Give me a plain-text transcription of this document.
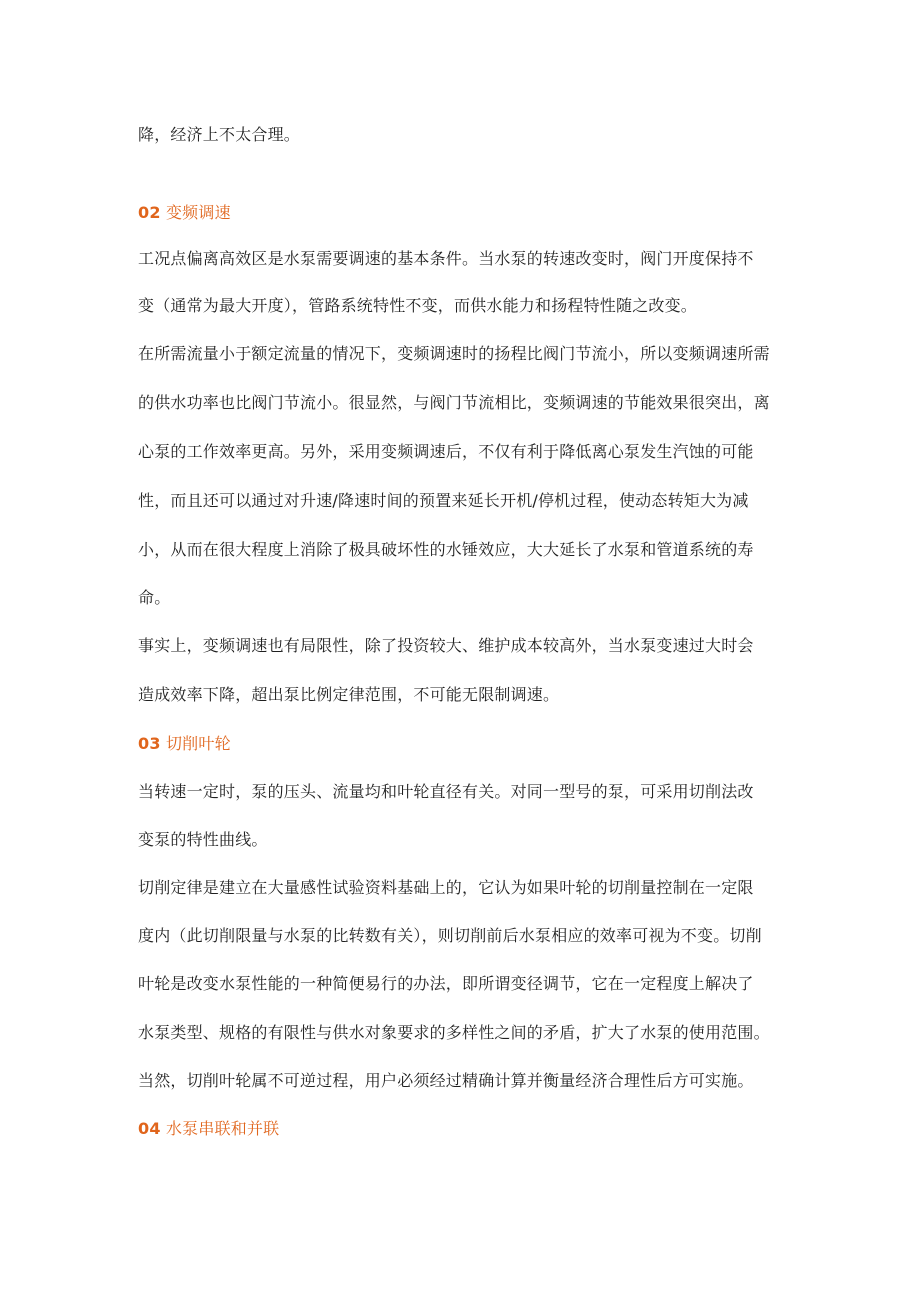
降，经济上不太合理。
02 变频调速
工况点偏离高效区是水泵需要调速的基本条件。当水泵的转速改变时，阀门开度保持不
变（通常为最大开度），管路系统特性不变，而供水能力和扬程特性随之改变。
在所需流量小于额定流量的情况下，变频调速时的扬程比阀门节流小，所以变频调速所需
的供水功率也比阀门节流小。很显然，与阀门节流相比，变频调速的节能效果很突出，离
心泵的工作效率更高。另外，采用变频调速后，不仅有利于降低离心泵发生汽蚀的可能
性，而且还可以通过对升速/降速时间的预置来延长开机/停机过程，使动态转矩大为减
小，从而在很大程度上消除了极具破坏性的水锤效应，大大延长了水泵和管道系统的寿
命。
事实上，变频调速也有局限性，除了投资较大、维护成本较高外，当水泵变速过大时会
造成效率下降，超出泵比例定律范围，不可能无限制调速。
03 切削叶轮
当转速一定时，泵的压头、流量均和叶轮直径有关。对同一型号的泵，可采用切削法改
变泵的特性曲线。
切削定律是建立在大量感性试验资料基础上的，它认为如果叶轮的切削量控制在一定限
度内（此切削限量与水泵的比转数有关），则切削前后水泵相应的效率可视为不变。切削
叶轮是改变水泵性能的一种简便易行的办法，即所谓变径调节，它在一定程度上解决了
水泵类型、规格的有限性与供水对象要求的多样性之间的矛盾，扩大了水泵的使用范围。
当然，切削叶轮属不可逆过程，用户必须经过精确计算并衡量经济合理性后方可实施。
04 水泵串联和并联
